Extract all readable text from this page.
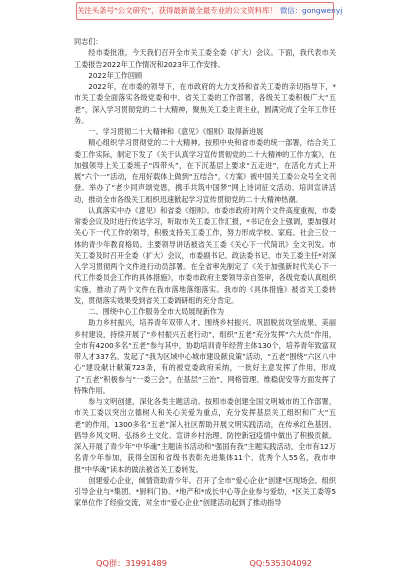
关注头条号“公文研究”，获得最新最全最专业的公文资料库！ 微信：gongwenyj

同志们：

经市委批准，今天我们召开全市关工委全委（扩大）会议。下面，我代表市关工委报告2022年工作情况和2023年工作安排。

2022年工作回顾

2022年，在市委的领导下，在市政府的大力支持和省关工委的亲切指导下，*市关工委全面落实各级党委和中、省关工委的工作部署，各级关工委积极广大“五老”，深入学习贯彻党的二十大精神，聚焦关工委主责主业，圆满完成了全年工作任务。

一、学习贯彻二十大精神和《意见》《细则》取得新进展

精心组织学习贯彻党的二十大精神。按照中央和省市委的统一部署，结合关工委工作实际，制定下发了《关于认真学习宣传贯彻党的二十大精神的工作方案》，在加强领导上关工委班子“四带头”，在下沉基层上要求“五走进”，在活化方式上开展“六个一”活动，在用好载体上做到“五结合”，《方案》被中国关工委公众号全文刊登。举办了“老少同声颂党恩，携手共筑中国梦”网上诗词征文活动、培训宣讲活动，推动全市各级关工组织迅速掀起学习宣传贯彻党的二十大精神热潮。

认真落实中办《意见》和省委《细则》。市委市政府对两个文件高度重视，市委常委会议及时进行传达学习，听取市关工委工作汇报，*书记在会上强调，要加强对关心下一代工作的领导，积极支持关工委工作，努力形成学校、家庭、社会三位一体的青少年教育格局。主要领导讲话被省关工委《关心下一代简讯》全文刊发。市关工委及时召开全委（扩大）会议，市委副书记、政法委书记、市关工委主任*对深入学习贯彻两个文件进行动员部署。在全省率先制定了《关于加强新时代关心下一代工作委员会工作的具体措施》，市委市政府主要领导亲自签审，各级党委认真组织实施，推动了两个文件在我市落地落细落实。我市的《具体措施》被省关工委转发，贯彻落实效果受到省关工委调研组的充分肯定。

二、围绕中心工作服务全市大局展现新作为

助力乡村振兴，培养青年双带人才。围绕乡村振兴、巩固脱贫攻坚成果、美丽乡村建设，持续开展了“乡村振兴五老行动”，组织“五老”充分发挥“六大员”作用，全市有4200多名“五老”参与其中，协助培训青年经营主体130个，培养青年致富双带人才337名。发起了“我为区域中心城市建设献良策”活动，“五老”围绕“六区八中心”建设献计献策723条，有的被党委政府采纳，一批好主意发挥了作用，形成了“五老”积极参与“一委三会”，在基层“三治”、网格管理、维稳促安等方面发挥了特殊作用。

参与文明创建，深化各类主题活动。按照市委创建全国文明城市的工作部署，市关工委以突出立德树人和关心关爱为重点，充分发挥基层关工组织和广大“五老”的作用，1300多名“五老”深入社区帮助开展文明实践活动，在传承红色基因、倡导乡风文明、弘扬乡土文化、宣讲乡村治理、防控新冠疫情中做出了积极贡献。深入开展了青少年“中华魂”主题读书活动和“强国有我”主题实践活动，全市有12万名青少年参加，获得全国和省级书表彰先进集体11个、优秀个人55名，我市申报“中华魂”读本的做法被省关工委转发。

创建爱心企业，倾情资助青少年。召开了全市“爱心企业”创建*区现场会。组织引导企业与*集团、*厨料门协、*地产和*成长中心等企业参与爱幼，*区关工委等5家单位作了经验交流，对全市“爱心企业”创建活动起到了推动指导

QQ群：31991489	QQ:535304092
